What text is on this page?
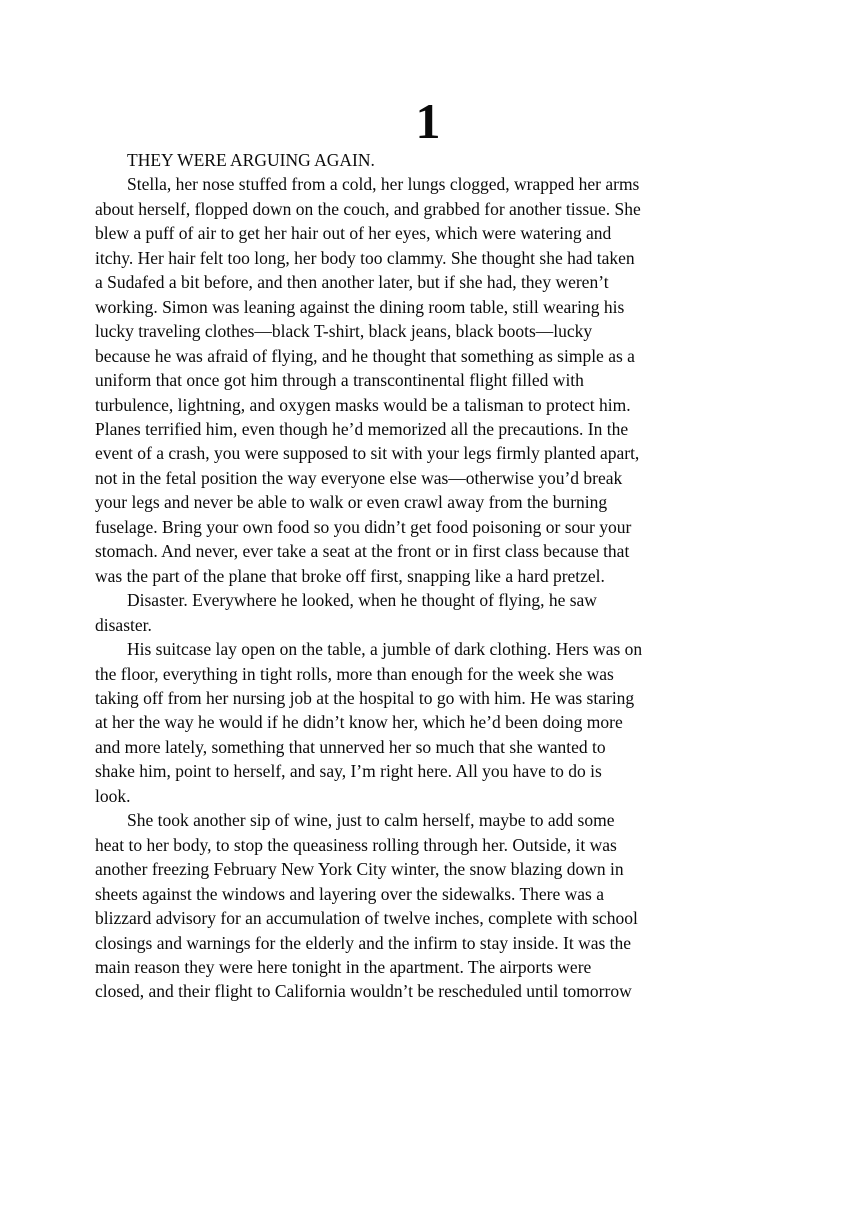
1
THEY WERE ARGUING AGAIN.
Stella, her nose stuffed from a cold, her lungs clogged, wrapped her arms
about herself, flopped down on the couch, and grabbed for another tissue. She
blew a puff of air to get her hair out of her eyes, which were watering and
itchy. Her hair felt too long, her body too clammy. She thought she had taken
a Sudafed a bit before, and then another later, but if she had, they weren’t
working. Simon was leaning against the dining room table, still wearing his
lucky traveling clothes—black T-shirt, black jeans, black boots—lucky
because he was afraid of flying, and he thought that something as simple as a
uniform that once got him through a transcontinental flight filled with
turbulence, lightning, and oxygen masks would be a talisman to protect him.
Planes terrified him, even though he’d memorized all the precautions. In the
event of a crash, you were supposed to sit with your legs firmly planted apart,
not in the fetal position the way everyone else was—otherwise you’d break
your legs and never be able to walk or even crawl away from the burning
fuselage. Bring your own food so you didn’t get food poisoning or sour your
stomach. And never, ever take a seat at the front or in first class because that
was the part of the plane that broke off first, snapping like a hard pretzel.
Disaster. Everywhere he looked, when he thought of flying, he saw
disaster.
His suitcase lay open on the table, a jumble of dark clothing. Hers was on
the floor, everything in tight rolls, more than enough for the week she was
taking off from her nursing job at the hospital to go with him. He was staring
at her the way he would if he didn’t know her, which he’d been doing more
and more lately, something that unnerved her so much that she wanted to
shake him, point to herself, and say, I’m right here. All you have to do is
look.
She took another sip of wine, just to calm herself, maybe to add some
heat to her body, to stop the queasiness rolling through her. Outside, it was
another freezing February New York City winter, the snow blazing down in
sheets against the windows and layering over the sidewalks. There was a
blizzard advisory for an accumulation of twelve inches, complete with school
closings and warnings for the elderly and the infirm to stay inside. It was the
main reason they were here tonight in the apartment. The airports were
closed, and their flight to California wouldn’t be rescheduled until tomorrow
